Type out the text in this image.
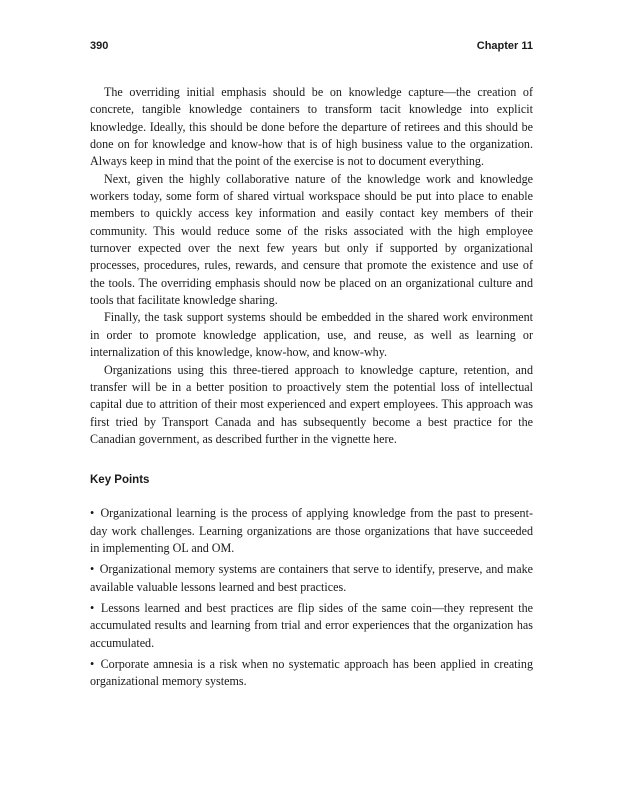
390	Chapter 11

The overriding initial emphasis should be on knowledge capture—the creation of concrete, tangible knowledge containers to transform tacit knowledge into explicit knowledge. Ideally, this should be done before the departure of retirees and this should be done on for knowledge and know-how that is of high business value to the organization. Always keep in mind that the point of the exercise is not to document everything.

Next, given the highly collaborative nature of the knowledge work and knowledge workers today, some form of shared virtual workspace should be put into place to enable members to quickly access key information and easily contact key members of their community. This would reduce some of the risks associated with the high employee turnover expected over the next few years but only if supported by organizational processes, procedures, rules, rewards, and censure that promote the existence and use of the tools. The overriding emphasis should now be placed on an organizational culture and tools that facilitate knowledge sharing.

Finally, the task support systems should be embedded in the shared work environment in order to promote knowledge application, use, and reuse, as well as learning or internalization of this knowledge, know-how, and know-why.

Organizations using this three-tiered approach to knowledge capture, retention, and transfer will be in a better position to proactively stem the potential loss of intellectual capital due to attrition of their most experienced and expert employees. This approach was first tried by Transport Canada and has subsequently become a best practice for the Canadian government, as described further in the vignette here.

Key Points
• Organizational learning is the process of applying knowledge from the past to present-day work challenges. Learning organizations are those organizations that have succeeded in implementing OL and OM.
• Organizational memory systems are containers that serve to identify, preserve, and make available valuable lessons learned and best practices.
• Lessons learned and best practices are flip sides of the same coin—they represent the accumulated results and learning from trial and error experiences that the organization has accumulated.
• Corporate amnesia is a risk when no systematic approach has been applied in creating organizational memory systems.
